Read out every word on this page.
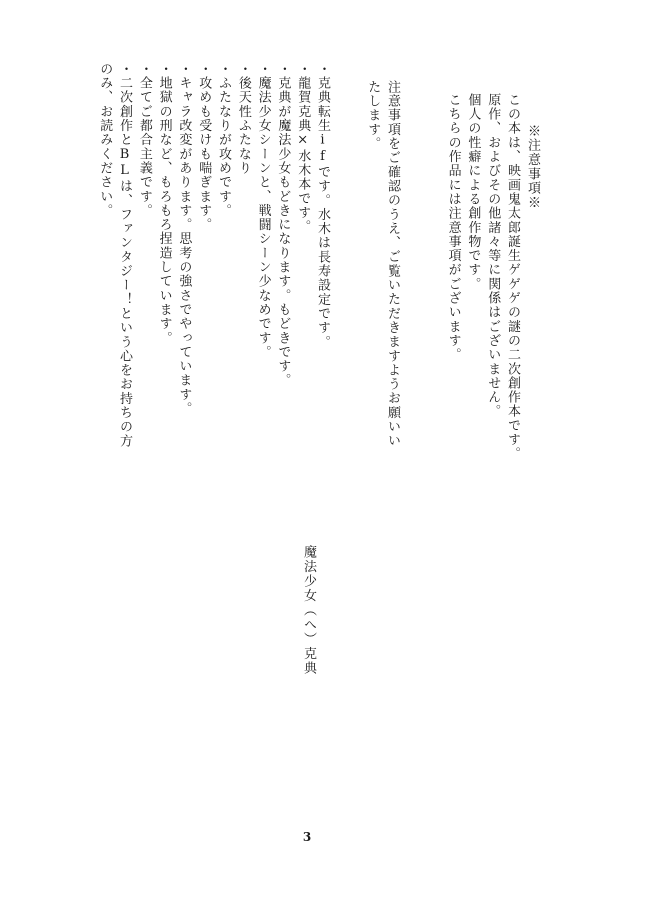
※注意事項※
この本は、映画鬼太郎誕生ゲゲゲの謎の二次創作本です。
原作、およびその他諸々等に関係はございません。
個人の性癖による創作物です。
こちらの作品には注意事項がございます。
注意事項をご確認のうえ、ご覧いただきますようお願いい
たします。
・克典転生ifです。水木は長寿設定です。
・龍賀克典×水木本です。
・克典が魔法少女もどきになります。もどきです。
・魔法少女シーンと、戦闘シーン少なめです。
・後天性ふたなり
・ふたなりが攻めです。
・攻めも受けも喘ぎます。
・キャラ改変があります。思考の強さでやっています。
・地獄の刑など、もろもろ捏造しています。
・全てご都合主義です。
・二次創作とBLは、ファンタジー！という心をお持ちの方
のみ、お読みください。
魔法少女（へ）克典
3
